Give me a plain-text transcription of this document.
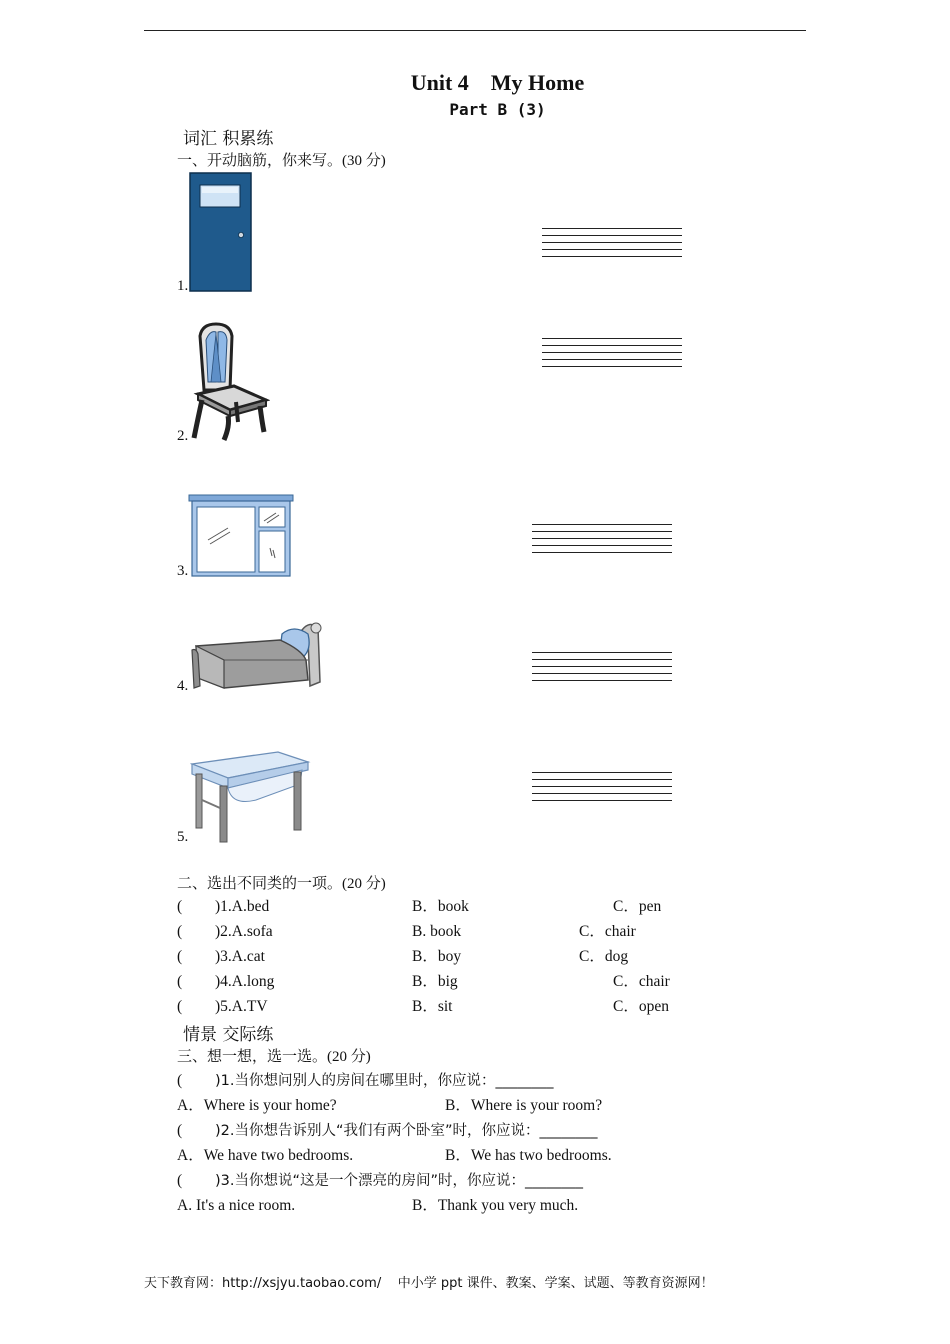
Unit 4    My Home
Part B (3)
词汇 积累练
一、开动脑筋，你来写。(30 分)
1.
2.
3.
4.
5.
二、选出不同类的一项。(20 分)
( )1.A.bed	B．book	C．pen
( )2.A.sofa	B. book	C．chair
( )3.A.cat	B．boy	C．dog
( )4.A.long	B．big	C．chair
( )5.A.TV	B．sit	C．open
情景 交际练
三、想一想，选一选。(20 分)
( )1.当你想问别人的房间在哪里时，你应说：________
A．Where is your home?	B．Where is your room?
( )2.当你想告诉别人“我们有两个卧室”时，你应说：________
A．We have two bedrooms.	B．We has two bedrooms.
( )3.当你想说“这是一个漂亮的房间”时，你应说：________
A. It's a nice room.	B．Thank you very much.
天下教育网：http://xsjyu.taobao.com/    中小学 ppt 课件、教案、学案、试题、等教育资源网！
